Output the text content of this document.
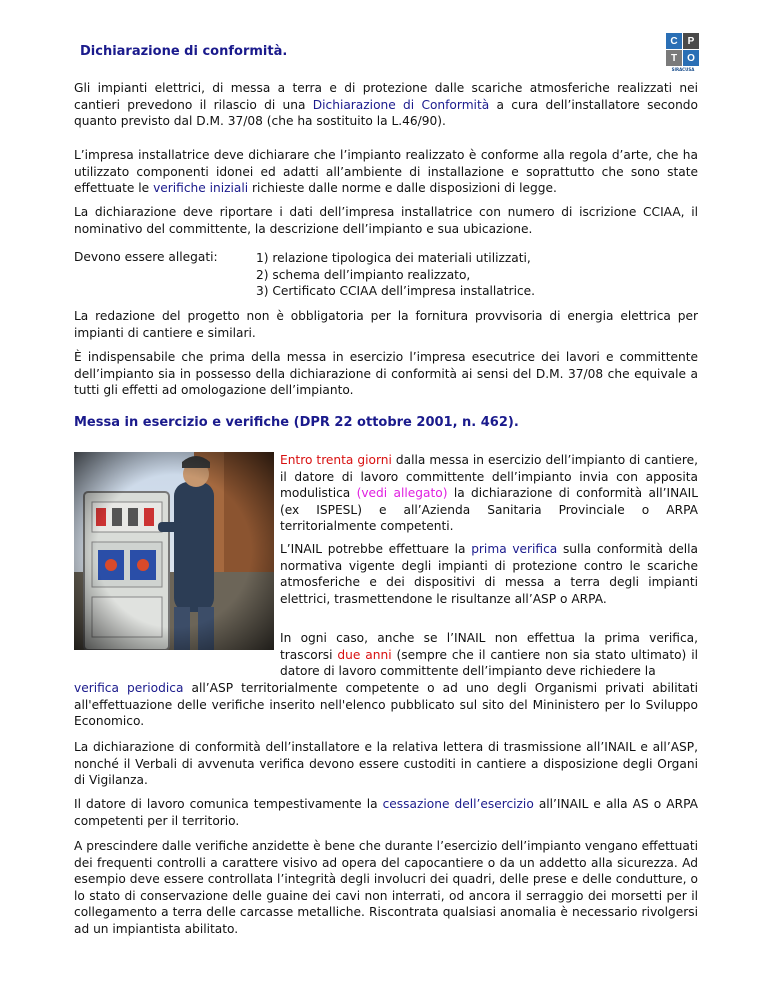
Dichiarazione di conformità.
C	P
T	O
SIRACUSA

Gli impianti elettrici, di messa a terra e di protezione dalle scariche atmosferiche realizzati nei cantieri prevedono il rilascio di una Dichiarazione di Conformità a cura dell’installatore secondo quanto previsto dal D.M. 37/08 (che ha sostituito la L.46/90).

L’impresa installatrice deve dichiarare che l’impianto realizzato è conforme alla regola d’arte, che ha utilizzato componenti idonei ed adatti all’ambiente di installazione e soprattutto che sono state effettuate le verifiche iniziali richieste dalle norme e dalle disposizioni di legge.

La dichiarazione deve riportare i dati dell’impresa installatrice con numero di iscrizione CCIAA, il nominativo del committente, la descrizione dell’impianto e sua ubicazione.

Devono essere allegati:	1) relazione tipologica dei materiali utilizzati,
2) schema dell’impianto realizzato,
3) Certificato CCIAA dell’impresa installatrice.

La redazione del progetto non è obbligatoria per la fornitura provvisoria di energia elettrica per impianti di cantiere e similari.

È indispensabile che prima della messa in esercizio l’impresa esecutrice dei lavori e committente dell’impianto sia in possesso della dichiarazione di conformità ai sensi del D.M. 37/08 che equivale a tutti gli effetti ad omologazione dell’impianto.

Messa in esercizio e verifiche (DPR 22 ottobre 2001, n. 462).

Entro trenta giorni dalla messa in esercizio dell’impianto di cantiere, il datore di lavoro committente dell’impianto invia con apposita modulistica (vedi allegato) la dichiarazione di conformità all’INAIL (ex ISPESL) e all’Azienda Sanitaria Provinciale o ARPA territorialmente competenti.

L’INAIL potrebbe effettuare la prima verifica sulla conformità della normativa vigente degli impianti di protezione contro le scariche atmosferiche e dei dispositivi di messa a terra degli impianti elettrici, trasmettendone le risultanze all’ASP o ARPA.

In ogni caso, anche se l’INAIL non effettua la prima verifica, trascorsi due anni (sempre che il cantiere non sia stato ultimato) il datore di lavoro committente dell’impianto deve richiedere la

verifica periodica all’ASP territorialmente competente o ad uno degli Organismi privati abilitati all'effettuazione delle verifiche inserito nell'elenco pubblicato sul sito del Mininistero per lo Sviluppo Economico.

La dichiarazione di conformità dell’installatore e la relativa lettera di trasmissione all’INAIL e all’ASP, nonché il Verbali di avvenuta verifica devono essere custoditi in cantiere a disposizione degli Organi di Vigilanza.

Il datore di lavoro comunica tempestivamente la cessazione dell’esercizio all’INAIL e alla AS o ARPA competenti per il territorio.

A prescindere dalle verifiche anzidette è bene che durante l’esercizio dell’impianto vengano effettuati dei frequenti controlli a carattere visivo ad opera del capocantiere o da un addetto alla sicurezza. Ad esempio deve essere controllata l’integrità degli involucri dei quadri, delle prese e delle condutture, o lo stato di conservazione delle guaine dei cavi non interrati, od ancora il serraggio dei morsetti per il collegamento a terra delle carcasse metalliche. Riscontrata qualsiasi anomalia è necessario rivolgersi ad un impiantista abilitato.
